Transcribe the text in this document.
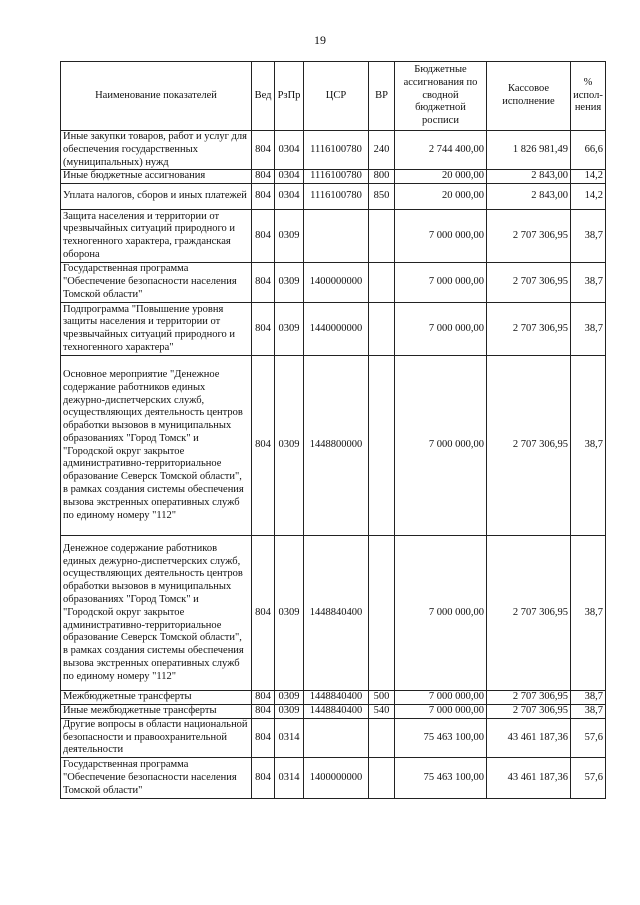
19
Наименование показателей	Вед	РзПр	ЦСР	ВР	Бюджетные ассигнования по сводной бюджетной росписи	Кассовое исполнение	% испол-нения
Иные закупки товаров, работ и услуг для обеспечения государственных (муниципальных) нужд	804	0304	1116100780	240	2 744 400,00	1 826 981,49	66,6
Иные бюджетные ассигнования	804	0304	1116100780	800	20 000,00	2 843,00	14,2
Уплата налогов, сборов и иных платежей	804	0304	1116100780	850	20 000,00	2 843,00	14,2
Защита населения и территории от чрезвычайных ситуаций природного и техногенного характера, гражданская оборона	804	0309			7 000 000,00	2 707 306,95	38,7
Государственная программа "Обеспечение безопасности населения Томской области"	804	0309	1400000000		7 000 000,00	2 707 306,95	38,7
Подпрограмма "Повышение уровня защиты населения и территории от чрезвычайных ситуаций природного и техногенного характера"	804	0309	1440000000		7 000 000,00	2 707 306,95	38,7
Основное мероприятие "Денежное содержание работников единых дежурно-диспетчерских служб, осуществляющих деятельность центров обработки вызовов в муниципальных образованиях "Город Томск" и "Городской округ закрытое административно-территориальное образование Северск Томской области", в рамках создания системы обеспечения вызова экстренных оперативных служб по единому номеру "112"	804	0309	1448800000		7 000 000,00	2 707 306,95	38,7
Денежное содержание работников единых дежурно-диспетчерских служб, осуществляющих деятельность центров обработки вызовов в муниципальных образованиях "Город Томск" и "Городской округ закрытое административно-территориальное образование Северск Томской области", в рамках создания системы обеспечения вызова экстренных оперативных служб по единому номеру "112"	804	0309	1448840400		7 000 000,00	2 707 306,95	38,7
Межбюджетные трансферты	804	0309	1448840400	500	7 000 000,00	2 707 306,95	38,7
Иные межбюджетные трансферты	804	0309	1448840400	540	7 000 000,00	2 707 306,95	38,7
Другие вопросы в области национальной безопасности и правоохранительной деятельности	804	0314			75 463 100,00	43 461 187,36	57,6
Государственная программа "Обеспечение безопасности населения Томской области"	804	0314	1400000000		75 463 100,00	43 461 187,36	57,6
